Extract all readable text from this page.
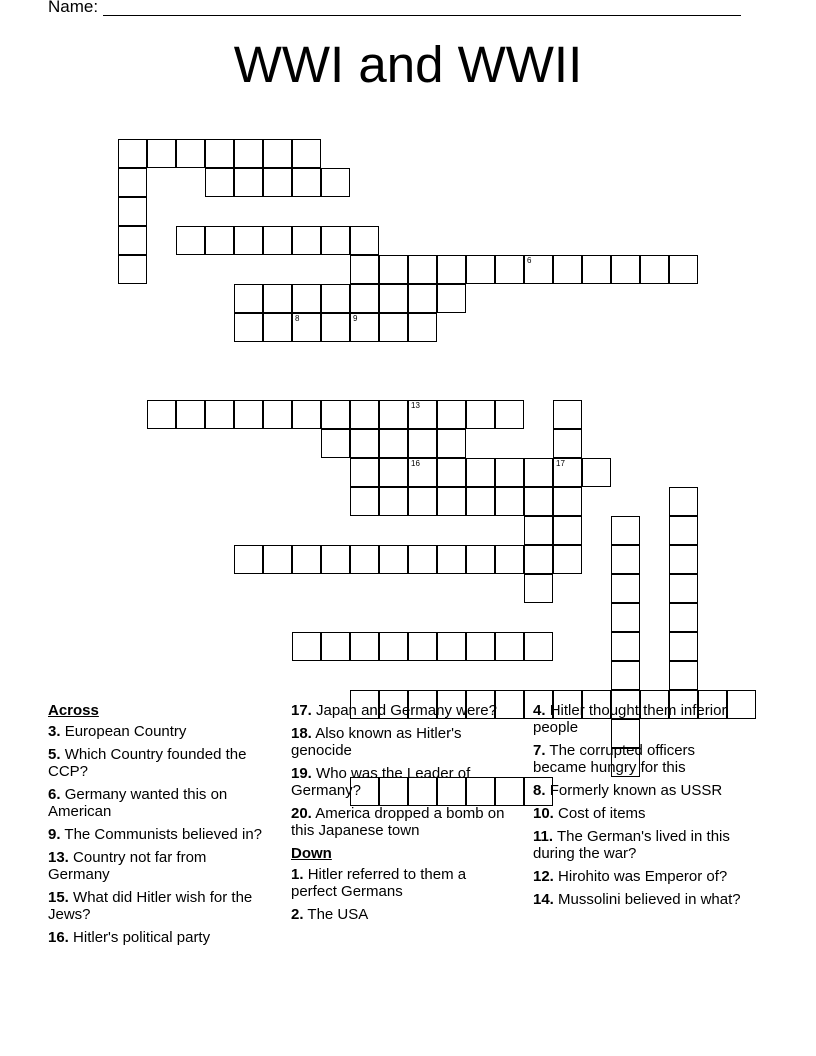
Name:
WWI and WWII
6
8	9
13
17
16
Across
3. European Country
5. Which Country founded the CCP?
6. Germany wanted this on American
9. The Communists believed in?
13. Country not far from Germany
15. What did Hitler wish for the Jews?
16. Hitler's political party
17. Japan and Germany were?
18. Also known as Hitler's genocide
19. Who was the Leader of Germany?
20. America dropped a bomb on this Japanese town
Down
1. Hitler referred to them a perfect Germans
2. The USA
4. Hitler thought them inferior people
7. The corrupted officers became hungry for this
8. Formerly known as USSR
10. Cost of items
11. The German's lived in this during the war?
12. Hirohito was Emperor of?
14. Mussolini believed in what?
